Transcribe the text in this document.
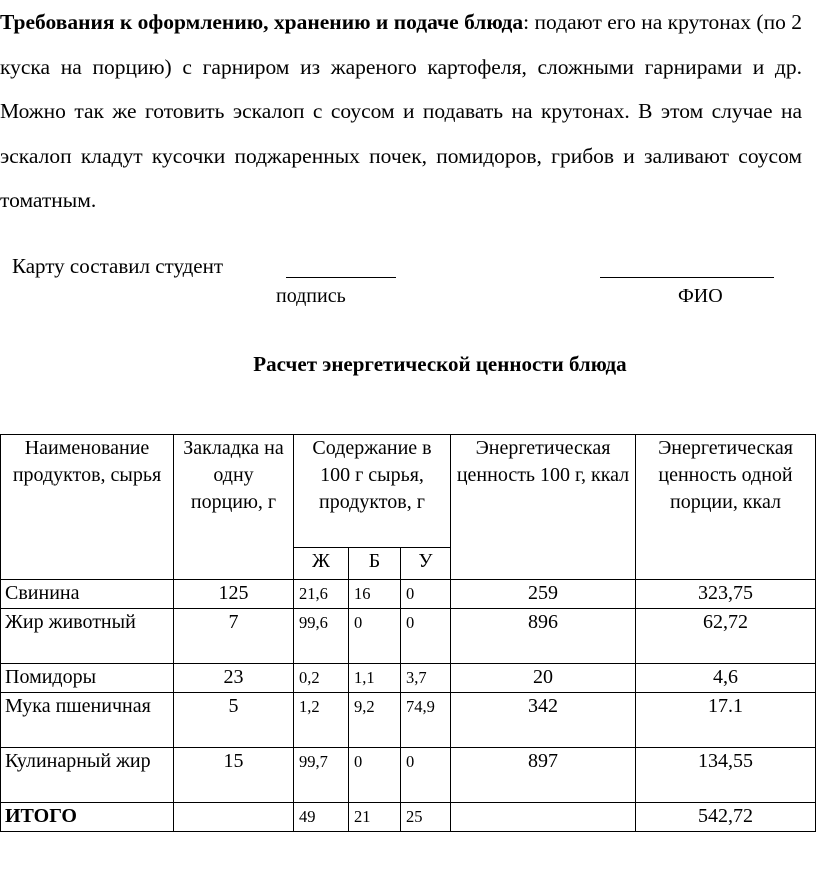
Требования к оформлению, хранению и подаче блюда: подают его на крутонах (по 2 куска на порцию) с гарниром из жареного картофеля, сложными гарнирами и др. Можно так же готовить эскалоп с соусом и подавать на крутонах. В этом случае на эскалоп кладут кусочки поджаренных почек, помидоров, грибов и заливают соусом томатным.
Карту составил студент
подпись	ФИО
Расчет энергетической ценности блюда
Наименование продуктов, сырья	Закладка на одну порцию, г	Содержание в 100 г сырья, продуктов, г			Энергетическая ценность 100 г, ккал	Энергетическая ценность одной порции, ккал
		Ж	Б	У		
Свинина	125	21,6	16	0	259	323,75
Жир животный	7	99,6	0	0	896	62,72
Помидоры	23	0,2	1,1	3,7	20	4,6
Мука пшеничная	5	1,2	9,2	74,9	342	17.1
Кулинарный жир	15	99,7	0	0	897	134,55
ИТОГО		49	21	25		542,72
